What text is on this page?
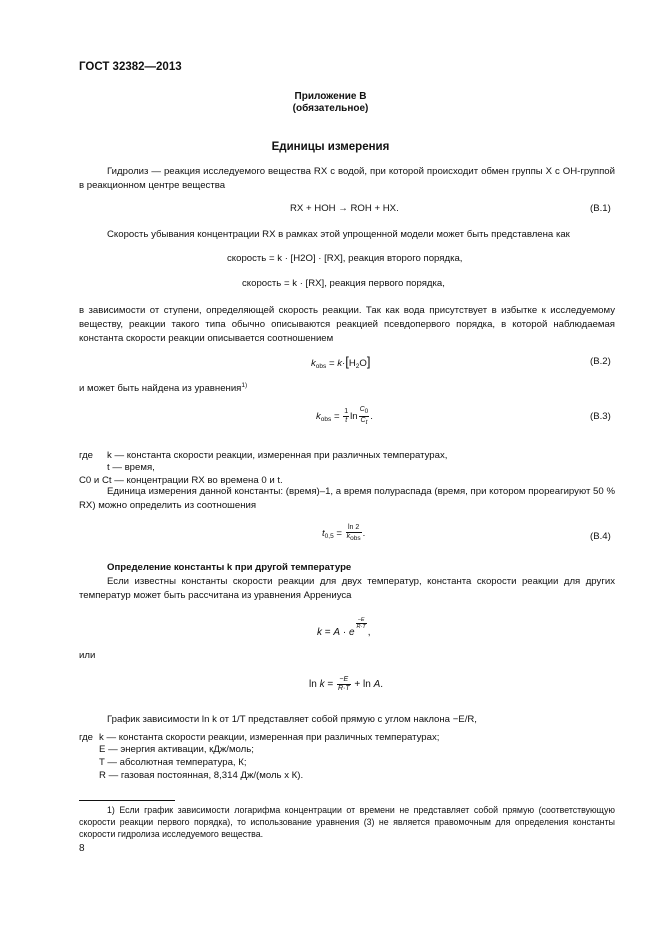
ГОСТ 32382—2013
Приложение В
(обязательное)
Единицы измерения
Гидролиз — реакция исследуемого вещества RX с водой, при которой происходит обмен группы X с OH-группой в реакционном центре вещества
RX + HOH → ROH + HX.	(B.1)
Скорость убывания концентрации RX в рамках этой упрощенной модели может быть представлена как
скорость = k · [H2O] · [RX], реакция второго порядка,
скорость = k · [RX], реакция первого порядка,
в зависимости от ступени, определяющей скорость реакции. Так как вода присутствует в избытке к исследуемому веществу, реакции такого типа обычно описываются реакцией псевдопервого порядка, в которой наблюдаемая константа скорости реакции описывается соотношением
$k_{obs} = k\cdot[H_2O]$	(B.2)
и может быть найдена из уравнения$^{1)}$
$k_{obs} = \frac{1}{t}$ $\ln \frac{C_0}{C_t}$ .	(B.3)
где k — константа скорости реакции, измеренная при различных температурах,
t — время,
C0 и Ct — концентрации RX во времена 0 и t.
Единица измерения данной константы: (время)–1, а время полураспада (время, при котором прореагируют 50 % RX) можно определить из соотношения
$t_{0,5} = \frac{\ln 2}{k_{obs}}$ .	(B.4)
Определение константы k при другой температуре
Если известны константы скорости реакции для двух температур, константа скорости реакции для других температур может быть рассчитана из уравнения Аррениуса
k = A · e
$\frac{-E}{R\cdot T}$
,
или
$\ln k = \frac{-E}{R\cdot T} + \ln A$.
График зависимости ln k от 1/T представляет собой прямую с углом наклона −E/R,
где k — константа скорости реакции, измеренная при различных температурах;
E — энергия активации, кДж/моль;
T — абсолютная температура, К;
R — газовая постоянная, 8,314 Дж/(моль х К).
1) Если график зависимости логарифма концентрации от времени не представляет собой прямую (соответствующую скорости реакции первого порядка), то использование уравнения (3) не является правомочным для определения константы скорости гидролиза исследуемого вещества.
8
